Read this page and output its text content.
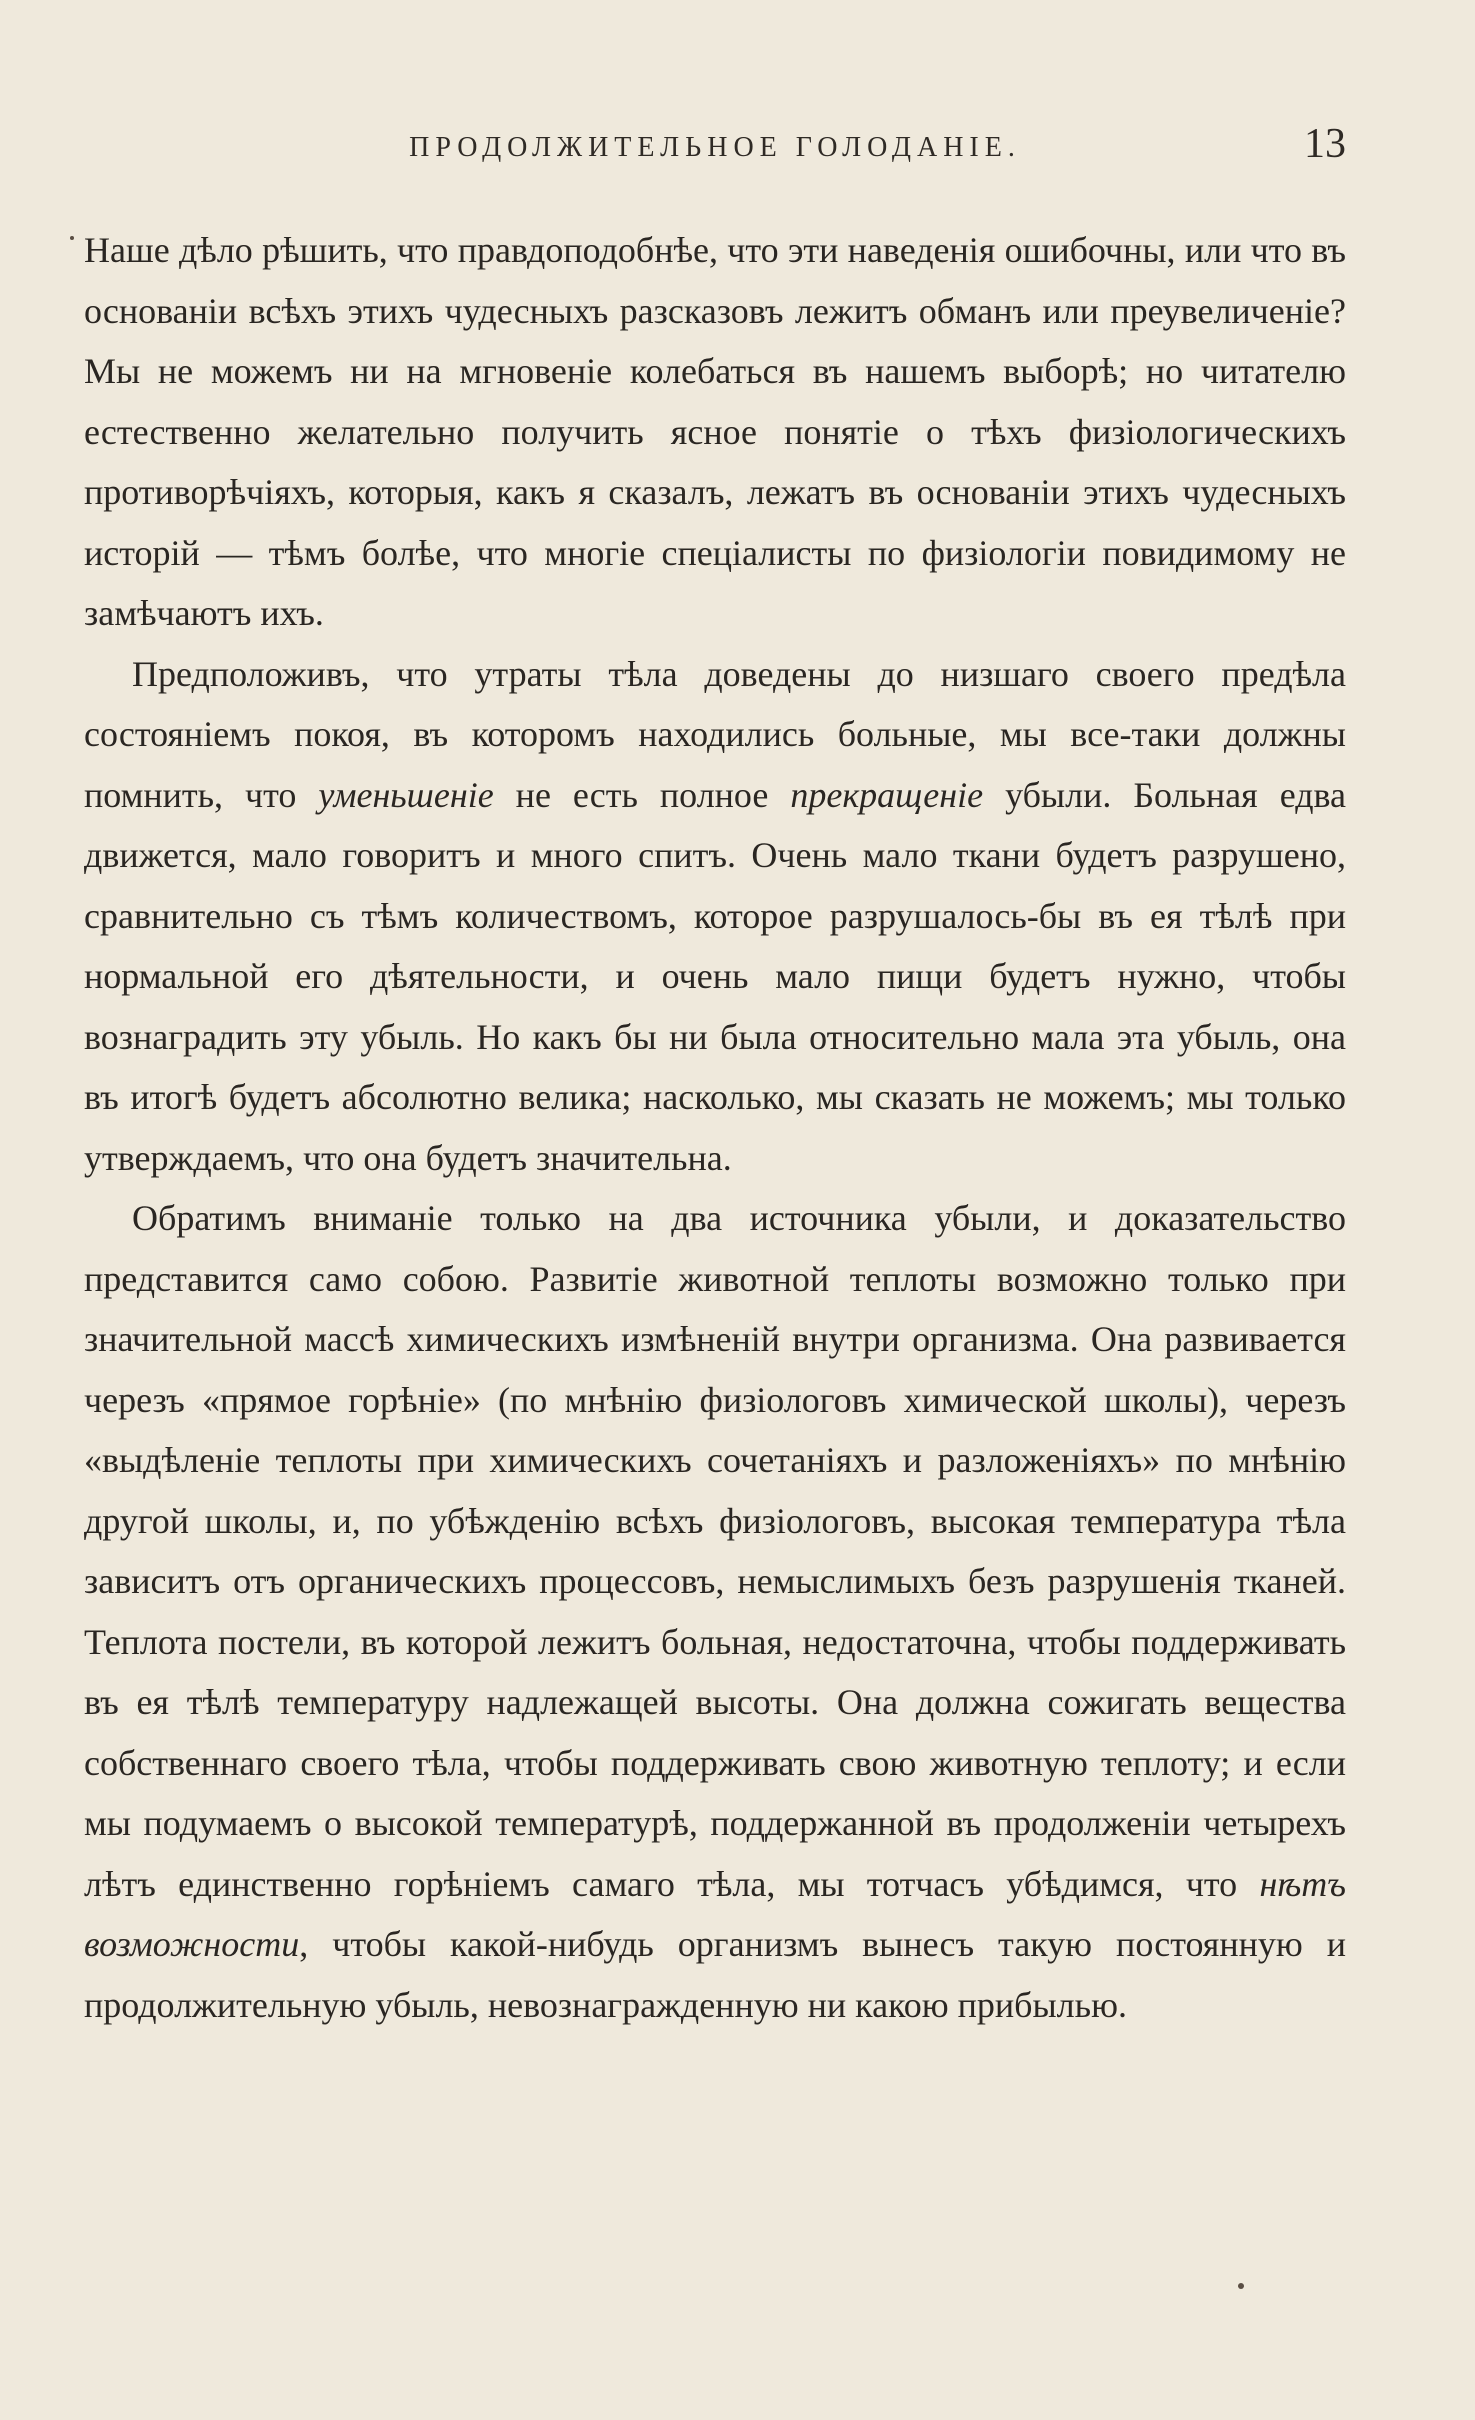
ПРОДОЛЖИТЕЛЬНОЕ ГОЛОДАНІЕ.	13

Наше дѣло рѣшить, что правдоподобнѣе, что эти наведенія ошибочны, или что въ основаніи всѣхъ этихъ чудесныхъ разсказовъ лежитъ обманъ или преувеличеніе? Мы не можемъ ни на мгновеніе колебаться въ нашемъ выборѣ; но читателю естественно желательно получить ясное понятіе о тѣхъ физіологическихъ противорѣчіяхъ, которыя, какъ я сказалъ, лежатъ въ основаніи этихъ чудесныхъ исторій — тѣмъ болѣе, что многіе спеціалисты по физіологіи повидимому не замѣчаютъ ихъ.

Предположивъ, что утраты тѣла доведены до низшаго своего предѣла состояніемъ покоя, въ которомъ находились больные, мы все-таки должны помнить, что уменьшеніе не есть полное прекращеніе убыли. Больная едва движется, мало говоритъ и много спитъ. Очень мало ткани будетъ разрушено, сравнительно съ тѣмъ количествомъ, которое разрушалось-бы въ ея тѣлѣ при нормальной его дѣятельности, и очень мало пищи будетъ нужно, чтобы вознаградить эту убыль. Но какъ бы ни была относительно мала эта убыль, она въ итогѣ будетъ абсолютно велика; насколько, мы сказать не можемъ; мы только утверждаемъ, что она будетъ значительна.

Обратимъ вниманіе только на два источника убыли, и доказательство представится само собою. Развитіе животной теплоты возможно только при значительной массѣ химическихъ измѣненій внутри организма. Она развивается черезъ «прямое горѣніе» (по мнѣнію физіологовъ химической школы), черезъ «выдѣленіе теплоты при химическихъ сочетаніяхъ и разложеніяхъ» по мнѣнію другой школы, и, по убѣжденію всѣхъ физіологовъ, высокая температура тѣла зависитъ отъ органическихъ процессовъ, немыслимыхъ безъ разрушенія тканей. Теплота постели, въ которой лежитъ больная, недостаточна, чтобы поддерживать въ ея тѣлѣ температуру надлежащей высоты. Она должна сожигать вещества собственнаго своего тѣла, чтобы поддерживать свою животную теплоту; и если мы подумаемъ о высокой температурѣ, поддержанной въ продолженіи четырехъ лѣтъ единственно горѣніемъ самаго тѣла, мы тотчасъ убѣдимся, что нѣтъ возможности, чтобы какой-нибудь организмъ вынесъ такую постоянную и продолжительную убыль, невознагражденную ни какою прибылью.
